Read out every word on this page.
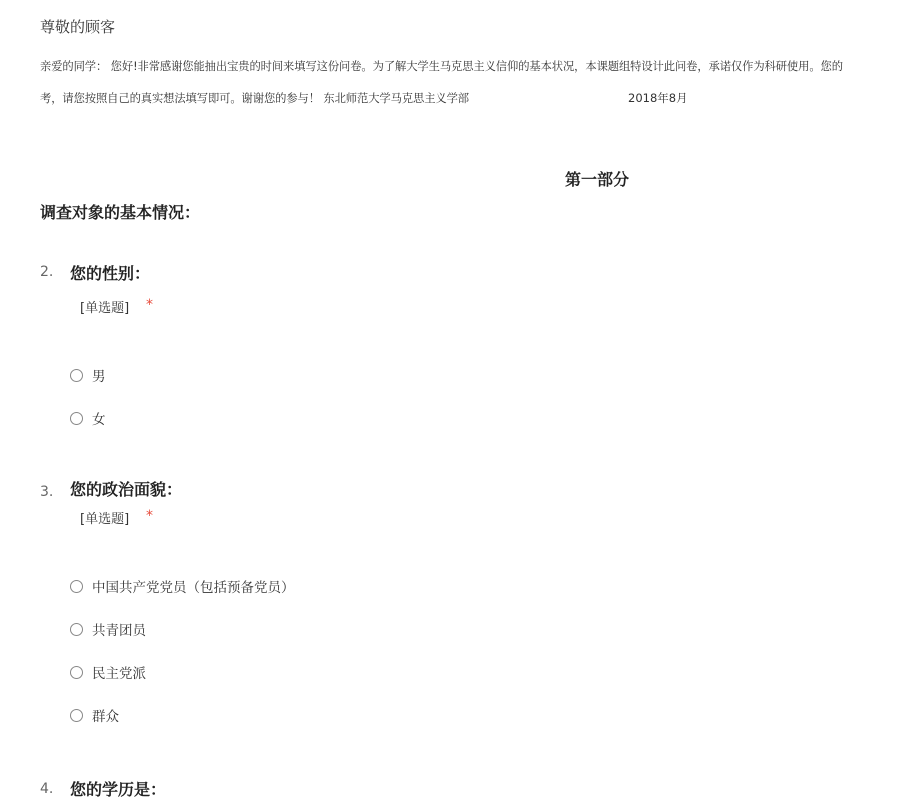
尊敬的顾客
亲爱的同学： 您好!非常感谢您能抽出宝贵的时间来填写这份问卷。为了解大学生马克思主义信仰的基本状况，本课题组特设计此问卷，承诺仅作为科研使用。您的
考，请您按照自己的真实想法填写即可。谢谢您的参与！ 东北师范大学马克思主义学部	2018年8月
第一部分
调查对象的基本情况：
2. 您的性别：
[单选题] *
男
女
3. 您的政治面貌：
[单选题] *
中国共产党党员（包括预备党员）
共青团员
民主党派
群众
4. 您的学历是：
